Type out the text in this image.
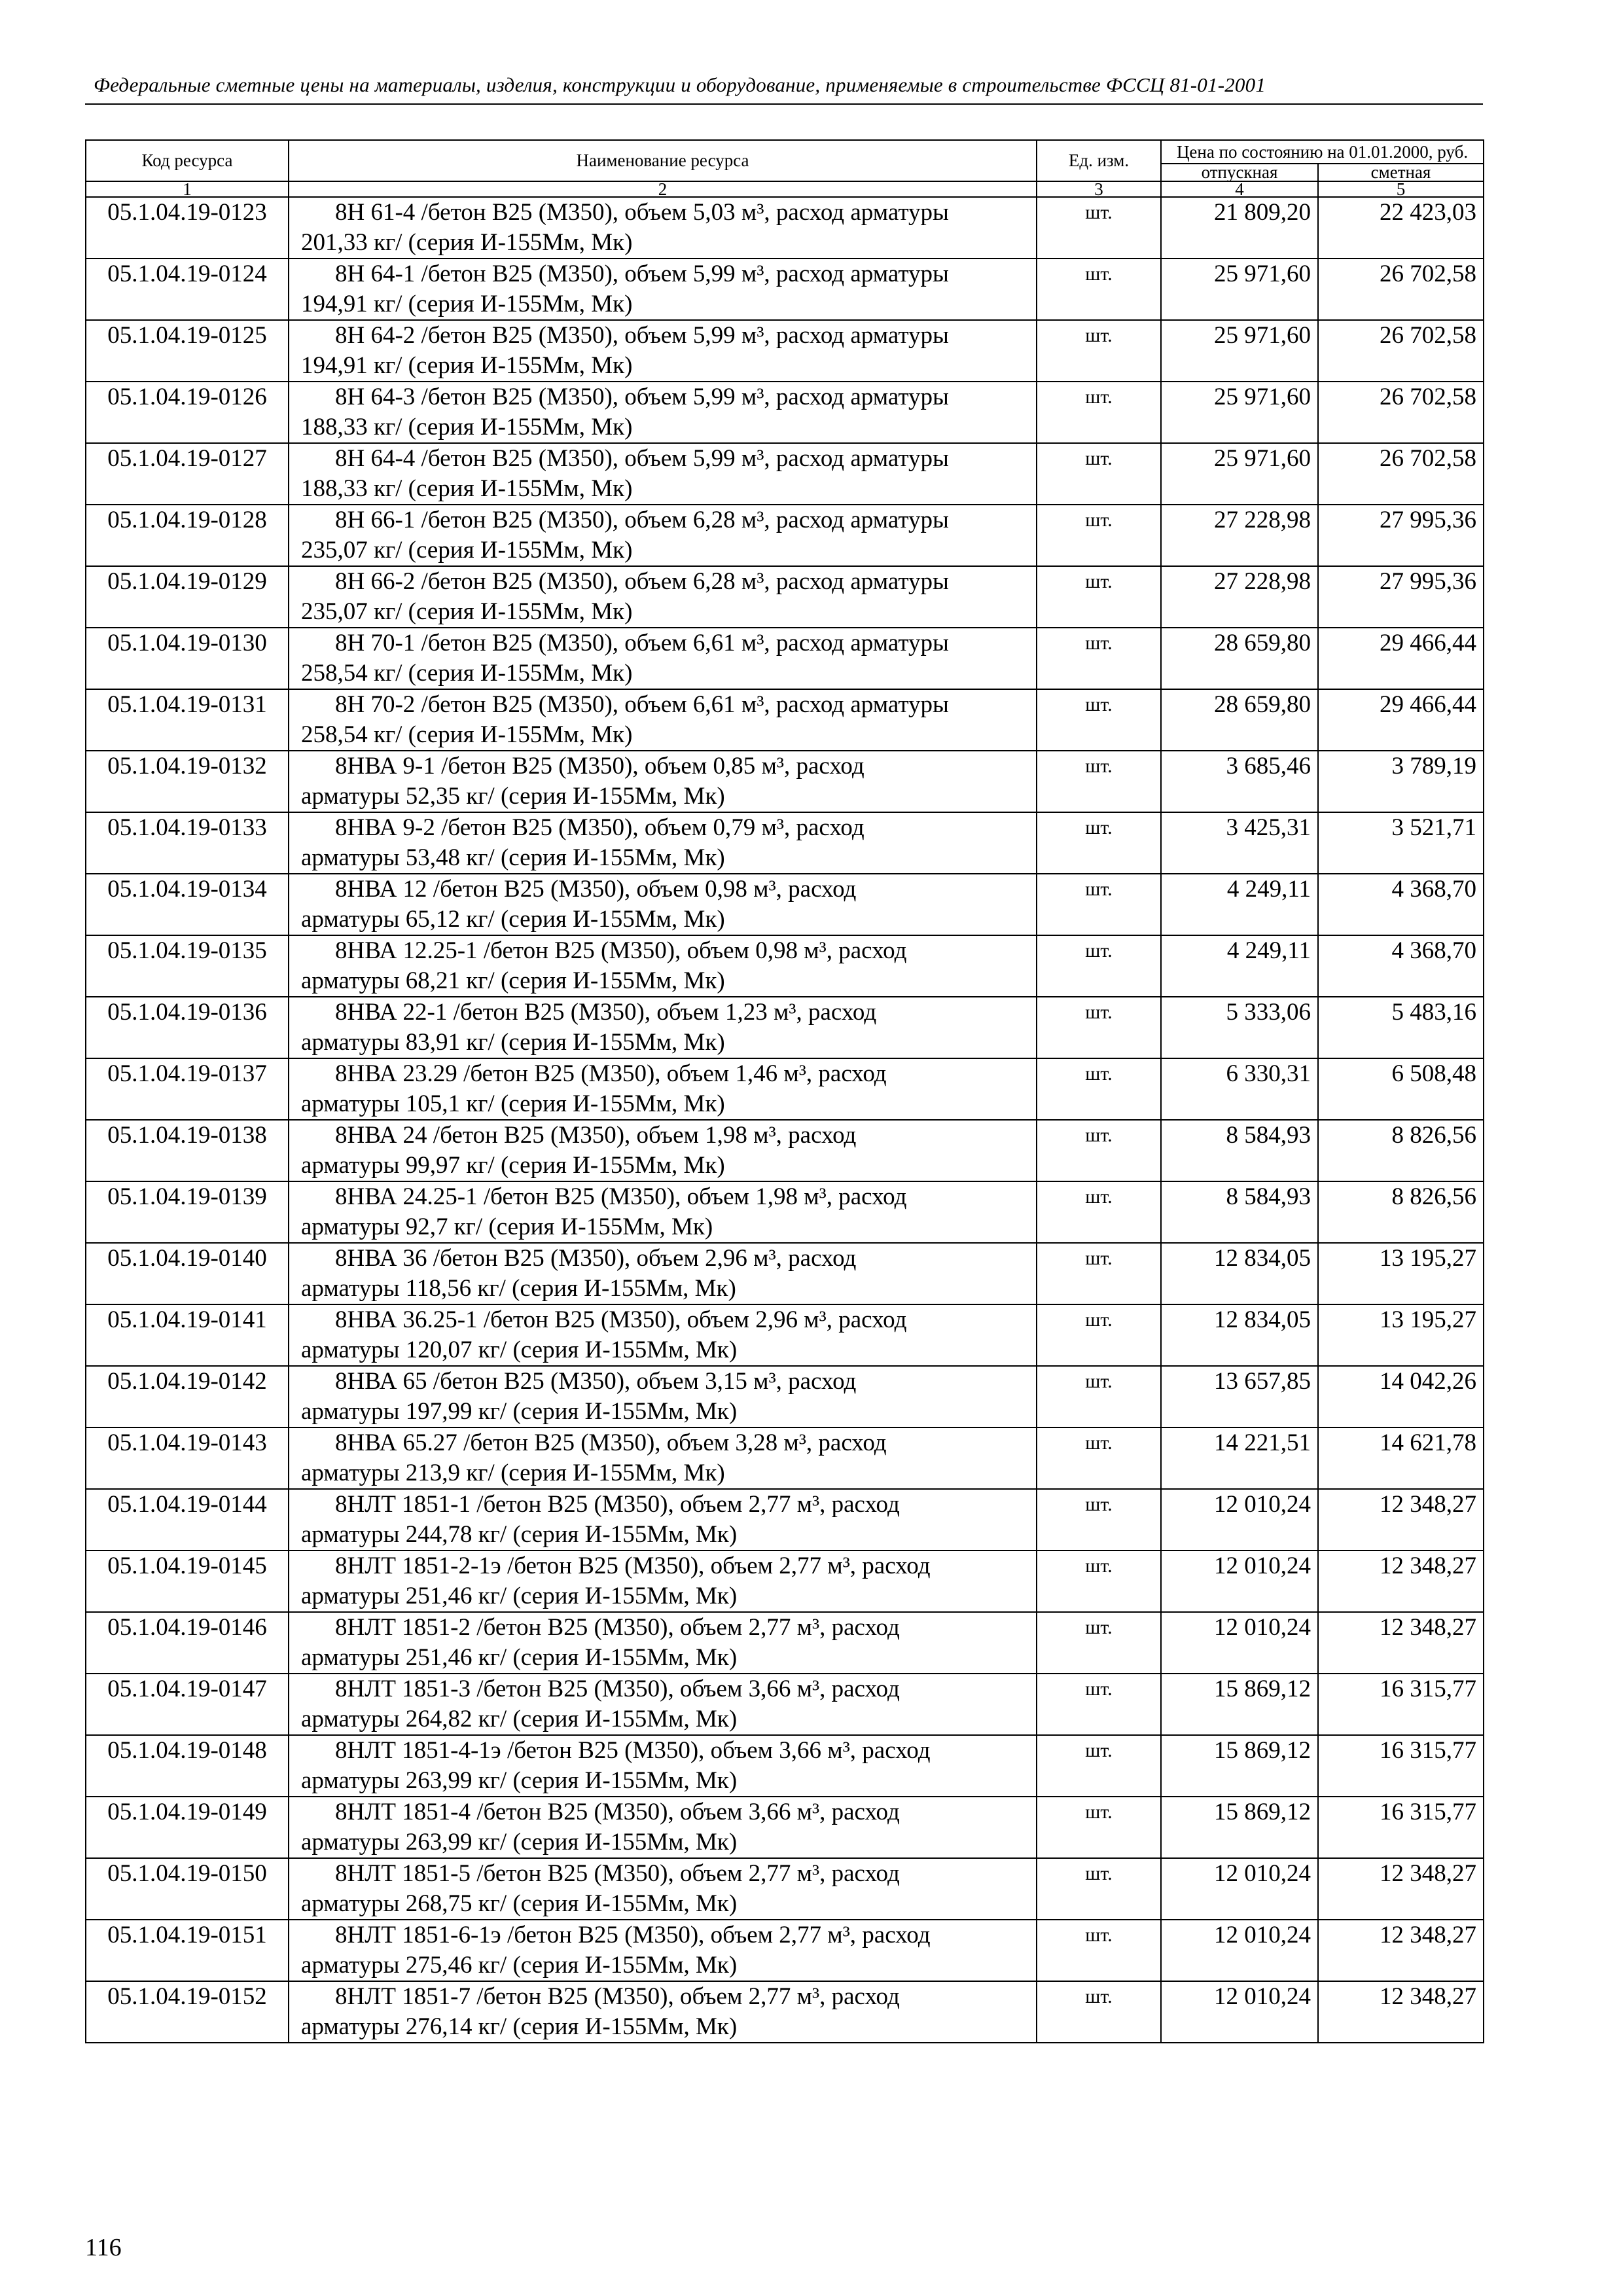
Федеральные сметные цены на материалы, изделия, конструкции и оборудование, применяемые в строительстве ФССЦ 81-01-2001
Код ресурса	Наименование ресурса	Ед. изм.	Цена по состоянию на 01.01.2000, руб.	
			отпускная	сметная
1	2	3	4	5
05.1.04.19-0123	8Н 61-4 /бетон В25 (М350), объем 5,03 м³, расход арматуры
201,33 кг/ (серия И-155Мм, Мк)	шт.	21 809,20	22 423,03
05.1.04.19-0124	8Н 64-1 /бетон В25 (М350), объем 5,99 м³, расход арматуры
194,91 кг/ (серия И-155Мм, Мк)	шт.	25 971,60	26 702,58
05.1.04.19-0125	8Н 64-2 /бетон В25 (М350), объем 5,99 м³, расход арматуры
194,91 кг/ (серия И-155Мм, Мк)	шт.	25 971,60	26 702,58
05.1.04.19-0126	8Н 64-3 /бетон В25 (М350), объем 5,99 м³, расход арматуры
188,33 кг/ (серия И-155Мм, Мк)	шт.	25 971,60	26 702,58
05.1.04.19-0127	8Н 64-4 /бетон В25 (М350), объем 5,99 м³, расход арматуры
188,33 кг/ (серия И-155Мм, Мк)	шт.	25 971,60	26 702,58
05.1.04.19-0128	8Н 66-1 /бетон В25 (М350), объем 6,28 м³, расход арматуры
235,07 кг/ (серия И-155Мм, Мк)	шт.	27 228,98	27 995,36
05.1.04.19-0129	8Н 66-2 /бетон В25 (М350), объем 6,28 м³, расход арматуры
235,07 кг/ (серия И-155Мм, Мк)	шт.	27 228,98	27 995,36
05.1.04.19-0130	8Н 70-1 /бетон В25 (М350), объем 6,61 м³, расход арматуры
258,54 кг/ (серия И-155Мм, Мк)	шт.	28 659,80	29 466,44
05.1.04.19-0131	8Н 70-2 /бетон В25 (М350), объем 6,61 м³, расход арматуры
258,54 кг/ (серия И-155Мм, Мк)	шт.	28 659,80	29 466,44
05.1.04.19-0132	8НВА 9-1 /бетон В25 (М350), объем 0,85 м³, расход
арматуры 52,35 кг/ (серия И-155Мм, Мк)	шт.	3 685,46	3 789,19
05.1.04.19-0133	8НВА 9-2 /бетон В25 (М350), объем 0,79 м³, расход
арматуры 53,48 кг/ (серия И-155Мм, Мк)	шт.	3 425,31	3 521,71
05.1.04.19-0134	8НВА 12 /бетон В25 (М350), объем 0,98 м³, расход
арматуры 65,12 кг/ (серия И-155Мм, Мк)	шт.	4 249,11	4 368,70
05.1.04.19-0135	8НВА 12.25-1 /бетон В25 (М350), объем 0,98 м³, расход
арматуры 68,21 кг/ (серия И-155Мм, Мк)	шт.	4 249,11	4 368,70
05.1.04.19-0136	8НВА 22-1 /бетон В25 (М350), объем 1,23 м³, расход
арматуры 83,91 кг/ (серия И-155Мм, Мк)	шт.	5 333,06	5 483,16
05.1.04.19-0137	8НВА 23.29 /бетон В25 (М350), объем 1,46 м³, расход
арматуры 105,1 кг/ (серия И-155Мм, Мк)	шт.	6 330,31	6 508,48
05.1.04.19-0138	8НВА 24 /бетон В25 (М350), объем 1,98 м³, расход
арматуры 99,97 кг/ (серия И-155Мм, Мк)	шт.	8 584,93	8 826,56
05.1.04.19-0139	8НВА 24.25-1 /бетон В25 (М350), объем 1,98 м³, расход
арматуры 92,7 кг/ (серия И-155Мм, Мк)	шт.	8 584,93	8 826,56
05.1.04.19-0140	8НВА 36 /бетон В25 (М350), объем 2,96 м³, расход
арматуры 118,56 кг/ (серия И-155Мм, Мк)	шт.	12 834,05	13 195,27
05.1.04.19-0141	8НВА 36.25-1 /бетон В25 (М350), объем 2,96 м³, расход
арматуры 120,07 кг/ (серия И-155Мм, Мк)	шт.	12 834,05	13 195,27
05.1.04.19-0142	8НВА 65 /бетон В25 (М350), объем 3,15 м³, расход
арматуры 197,99 кг/ (серия И-155Мм, Мк)	шт.	13 657,85	14 042,26
05.1.04.19-0143	8НВА 65.27 /бетон В25 (М350), объем 3,28 м³, расход
арматуры 213,9 кг/ (серия И-155Мм, Мк)	шт.	14 221,51	14 621,78
05.1.04.19-0144	8НЛТ 1851-1 /бетон В25 (М350), объем 2,77 м³, расход
арматуры 244,78 кг/ (серия И-155Мм, Мк)	шт.	12 010,24	12 348,27
05.1.04.19-0145	8НЛТ 1851-2-1э /бетон В25 (М350), объем 2,77 м³, расход
арматуры 251,46 кг/ (серия И-155Мм, Мк)	шт.	12 010,24	12 348,27
05.1.04.19-0146	8НЛТ 1851-2 /бетон В25 (М350), объем 2,77 м³, расход
арматуры 251,46 кг/ (серия И-155Мм, Мк)	шт.	12 010,24	12 348,27
05.1.04.19-0147	8НЛТ 1851-3 /бетон В25 (М350), объем 3,66 м³, расход
арматуры 264,82 кг/ (серия И-155Мм, Мк)	шт.	15 869,12	16 315,77
05.1.04.19-0148	8НЛТ 1851-4-1э /бетон В25 (М350), объем 3,66 м³, расход
арматуры 263,99 кг/ (серия И-155Мм, Мк)	шт.	15 869,12	16 315,77
05.1.04.19-0149	8НЛТ 1851-4 /бетон В25 (М350), объем 3,66 м³, расход
арматуры 263,99 кг/ (серия И-155Мм, Мк)	шт.	15 869,12	16 315,77
05.1.04.19-0150	8НЛТ 1851-5 /бетон В25 (М350), объем 2,77 м³, расход
арматуры 268,75 кг/ (серия И-155Мм, Мк)	шт.	12 010,24	12 348,27
05.1.04.19-0151	8НЛТ 1851-6-1э /бетон В25 (М350), объем 2,77 м³, расход
арматуры 275,46 кг/ (серия И-155Мм, Мк)	шт.	12 010,24	12 348,27
05.1.04.19-0152	8НЛТ 1851-7 /бетон В25 (М350), объем 2,77 м³, расход
арматуры 276,14 кг/ (серия И-155Мм, Мк)	шт.	12 010,24	12 348,27
116
